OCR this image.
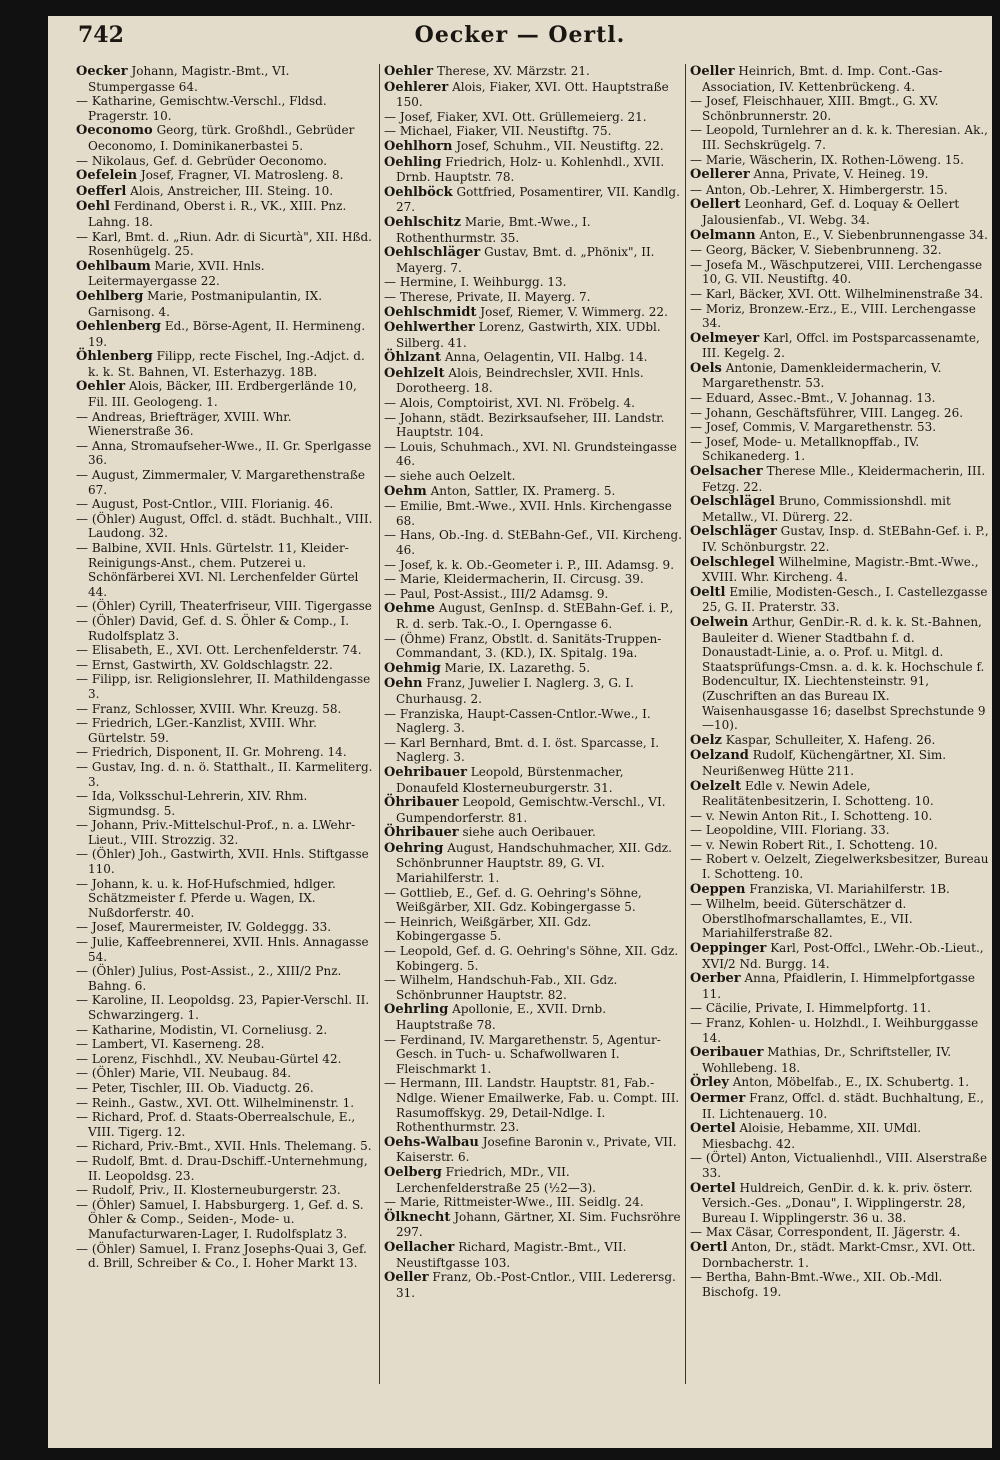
742	Oecker — Oertl.

Oecker Johann, Magistr.-Bmt., VI. Stumpergasse 64.

— Katharine, Gemischtw.-Verschl., Fldsd. Pragerstr. 10.

Oeconomo Georg, türk. Großhdl., Gebrüder Oeconomo, I. Dominikanerbastei 5.

— Nikolaus, Gef. d. Gebrüder Oeconomo.

Oefelein Josef, Fragner, VI. Matrosleng. 8.

Oefferl Alois, Anstreicher, III. Steing. 10.

Oehl Ferdinand, Oberst i. R., VK., XIII. Pnz. Lahng. 18.

— Karl, Bmt. d. „Riun. Adr. di Sicurtà", XII. Hßd. Rosenhügelg. 25.

Oehlbaum Marie, XVII. Hnls. Leitermayergasse 22.

Oehlberg Marie, Postmanipulantin, IX. Garnisong. 4.

Oehlenberg Ed., Börse-Agent, II. Hermineng. 19.

Öhlenberg Filipp, recte Fischel, Ing.-Adjct. d. k. k. St. Bahnen, VI. Esterhazyg. 18B.

Oehler Alois, Bäcker, III. Erdbergerlände 10, Fil. III. Geologeng. 1.

— Andreas, Briefträger, XVIII. Whr. Wienerstraße 36.

— Anna, Stromaufseher-Wwe., II. Gr. Sperlgasse 36.

— August, Zimmermaler, V. Margarethenstraße 67.

— August, Post-Cntlor., VIII. Florianig. 46.

— (Öhler) August, Offcl. d. städt. Buchhalt., VIII. Laudong. 32.

— Balbine, XVII. Hnls. Gürtelstr. 11, Kleider-Reinigungs-Anst., chem. Putzerei u. Schönfärberei XVI. Nl. Lerchenfelder Gürtel 44.

— (Öhler) Cyrill, Theaterfriseur, VIII. Tigergasse

— (Öhler) David, Gef. d. S. Öhler & Comp., I. Rudolfsplatz 3.

— Elisabeth, E., XVI. Ott. Lerchenfelderstr. 74.

— Ernst, Gastwirth, XV. Goldschlagstr. 22.

— Filipp, isr. Religionslehrer, II. Mathildengasse 3.

— Franz, Schlosser, XVIII. Whr. Kreuzg. 58.

— Friedrich, LGer.-Kanzlist, XVIII. Whr. Gürtelstr. 59.

— Friedrich, Disponent, II. Gr. Mohreng. 14.

— Gustav, Ing. d. n. ö. Statthalt., II. Karmeliterg. 3.

— Ida, Volksschul-Lehrerin, XIV. Rhm. Sigmundsg. 5.

— Johann, Priv.-Mittelschul-Prof., n. a. LWehr-Lieut., VIII. Strozzig. 32.

— (Öhler) Joh., Gastwirth, XVII. Hnls. Stiftgasse 110.

— Johann, k. u. k. Hof-Hufschmied, hdlger. Schätzmeister f. Pferde u. Wagen, IX. Nußdorferstr. 40.

— Josef, Maurermeister, IV. Goldeggg. 33.

— Julie, Kaffeebrennerei, XVII. Hnls. Annagasse 54.

— (Öhler) Julius, Post-Assist., 2., XIII/2 Pnz. Bahng. 6.

— Karoline, II. Leopoldsg. 23, Papier-Verschl. II. Schwarzingerg. 1.

— Katharine, Modistin, VI. Corneliusg. 2.

— Lambert, VI. Kaserneng. 28.

— Lorenz, Fischhdl., XV. Neubau-Gürtel 42.

— (Öhler) Marie, VII. Neubaug. 84.

— Peter, Tischler, III. Ob. Viaductg. 26.

— Reinh., Gastw., XVI. Ott. Wilhelminenstr. 1.

— Richard, Prof. d. Staats-Oberrealschule, E., VIII. Tigerg. 12.

— Richard, Priv.-Bmt., XVII. Hnls. Thelemang. 5.

— Rudolf, Bmt. d. Drau-Dschiff.-Unternehmung, II. Leopoldsg. 23.

— Rudolf, Priv., II. Klosterneuburgerstr. 23.

— (Öhler) Samuel, I. Habsburgerg. 1, Gef. d. S. Öhler & Comp., Seiden-, Mode- u. Manufacturwaren-Lager, I. Rudolfsplatz 3.

— (Öhler) Samuel, I. Franz Josephs-Quai 3, Gef. d. Brill, Schreiber & Co., I. Hoher Markt 13.

Oehler Therese, XV. Märzstr. 21.

Oehlerer Alois, Fiaker, XVI. Ott. Hauptstraße 150.

— Josef, Fiaker, XVI. Ott. Grüllemeierg. 21.

— Michael, Fiaker, VII. Neustiftg. 75.

Oehlhorn Josef, Schuhm., VII. Neustiftg. 22.

Oehling Friedrich, Holz- u. Kohlenhdl., XVII. Drnb. Hauptstr. 78.

Oehlböck Gottfried, Posamentirer, VII. Kandlg. 27.

Oehlschitz Marie, Bmt.-Wwe., I. Rothenthurmstr. 35.

Oehlschläger Gustav, Bmt. d. „Phönix", II. Mayerg. 7.

— Hermine, I. Weihburgg. 13.

— Therese, Private, II. Mayerg. 7.

Oehlschmidt Josef, Riemer, V. Wimmerg. 22.

Oehlwerther Lorenz, Gastwirth, XIX. UDbl. Silberg. 41.

Öhlzant Anna, Oelagentin, VII. Halbg. 14.

Oehlzelt Alois, Beindrechsler, XVII. Hnls. Dorotheerg. 18.

— Alois, Comptoirist, XVI. Nl. Fröbelg. 4.

— Johann, städt. Bezirksaufseher, III. Landstr. Hauptstr. 104.

— Louis, Schuhmach., XVI. Nl. Grundsteingasse 46.

— siehe auch Oelzelt.

Oehm Anton, Sattler, IX. Pramerg. 5.

— Emilie, Bmt.-Wwe., XVII. Hnls. Kirchengasse 68.

— Hans, Ob.-Ing. d. StEBahn-Gef., VII. Kircheng. 46.

— Josef, k. k. Ob.-Geometer i. P., III. Adamsg. 9.

— Marie, Kleidermacherin, II. Circusg. 39.

— Paul, Post-Assist., III/2 Adamsg. 9.

Oehme August, GenInsp. d. StEBahn-Gef. i. P., R. d. serb. Tak.-O., I. Operngasse 6.

— (Öhme) Franz, Obstlt. d. Sanitäts-Truppen-Commandant, 3. (KD.), IX. Spitalg. 19a.

Oehmig Marie, IX. Lazarethg. 5.

Oehn Franz, Juwelier I. Naglerg. 3, G. I. Churhausg. 2.

— Franziska, Haupt-Cassen-Cntlor.-Wwe., I. Naglerg. 3.

— Karl Bernhard, Bmt. d. I. öst. Sparcasse, I. Naglerg. 3.

Oehribauer Leopold, Bürstenmacher, Donaufeld Klosterneuburgerstr. 31.

Öhribauer Leopold, Gemischtw.-Verschl., VI. Gumpendorferstr. 81.

Öhribauer siehe auch Oeribauer.

Oehring August, Handschuhmacher, XII. Gdz. Schönbrunner Hauptstr. 89, G. VI. Mariahilferstr. 1.

— Gottlieb, E., Gef. d. G. Oehring's Söhne, Weißgärber, XII. Gdz. Kobingergasse 5.

— Heinrich, Weißgärber, XII. Gdz. Kobingergasse 5.

— Leopold, Gef. d. G. Oehring's Söhne, XII. Gdz. Kobingerg. 5.

— Wilhelm, Handschuh-Fab., XII. Gdz. Schönbrunner Hauptstr. 82.

Oehrling Apollonie, E., XVII. Drnb. Hauptstraße 78.

— Ferdinand, IV. Margarethenstr. 5, Agentur-Gesch. in Tuch- u. Schafwollwaren I. Fleischmarkt 1.

— Hermann, III. Landstr. Hauptstr. 81, Fab.-Ndlge. Wiener Emailwerke, Fab. u. Compt. III. Rasumoffskyg. 29, Detail-Ndlge. I. Rothenthurmstr. 23.

Oehs-Walbau Josefine Baronin v., Private, VII. Kaiserstr. 6.

Oelberg Friedrich, MDr., VII. Lerchenfelderstraße 25 (½2—3).

— Marie, Rittmeister-Wwe., III. Seidlg. 24.

Ölknecht Johann, Gärtner, XI. Sim. Fuchsröhre 297.

Oellacher Richard, Magistr.-Bmt., VII. Neustiftgasse 103.

Oeller Franz, Ob.-Post-Cntlor., VIII. Lederersg. 31.

Oeller Heinrich, Bmt. d. Imp. Cont.-Gas-Association, IV. Kettenbrückeng. 4.

— Josef, Fleischhauer, XIII. Bmgt., G. XV. Schönbrunnerstr. 20.

— Leopold, Turnlehrer an d. k. k. Theresian. Ak., III. Sechskrügelg. 7.

— Marie, Wäscherin, IX. Rothen-Löweng. 15.

Oellerer Anna, Private, V. Heineg. 19.

— Anton, Ob.-Lehrer, X. Himbergerstr. 15.

Oellert Leonhard, Gef. d. Loquay & Oellert Jalousienfab., VI. Webg. 34.

Oelmann Anton, E., V. Siebenbrunnengasse 34.

— Georg, Bäcker, V. Siebenbrunneng. 32.

— Josefa M., Wäschputzerei, VIII. Lerchengasse 10, G. VII. Neustiftg. 40.

— Karl, Bäcker, XVI. Ott. Wilhelminenstraße 34.

— Moriz, Bronzew.-Erz., E., VIII. Lerchengasse 34.

Oelmeyer Karl, Offcl. im Postsparcassenamte, III. Kegelg. 2.

Oels Antonie, Damenkleidermacherin, V. Margarethenstr. 53.

— Eduard, Assec.-Bmt., V. Johannag. 13.

— Johann, Geschäftsführer, VIII. Langeg. 26.

— Josef, Commis, V. Margarethenstr. 53.

— Josef, Mode- u. Metallknopffab., IV. Schikanederg. 1.

Oelsacher Therese Mlle., Kleidermacherin, III. Fetzg. 22.

Oelschlägel Bruno, Commissionshdl. mit Metallw., VI. Dürerg. 22.

Oelschläger Gustav, Insp. d. StEBahn-Gef. i. P., IV. Schönburgstr. 22.

Oelschlegel Wilhelmine, Magistr.-Bmt.-Wwe., XVIII. Whr. Kircheng. 4.

Oeltl Emilie, Modisten-Gesch., I. Castellezgasse 25, G. II. Praterstr. 33.

Oelwein Arthur, GenDir.-R. d. k. k. St.-Bahnen, Bauleiter d. Wiener Stadtbahn f. d. Donaustadt-Linie, a. o. Prof. u. Mitgl. d. Staatsprüfungs-Cmsn. a. d. k. k. Hochschule f. Bodencultur, IX. Liechtensteinstr. 91, (Zuschriften an das Bureau IX. Waisenhausgasse 16; daselbst Sprechstunde 9—10).

Oelz Kaspar, Schulleiter, X. Hafeng. 26.

Oelzand Rudolf, Küchengärtner, XI. Sim. Neurißenweg Hütte 211.

Oelzelt Edle v. Newin Adele, Realitätenbesitzerin, I. Schotteng. 10.

— v. Newin Anton Rit., I. Schotteng. 10.

— Leopoldine, VIII. Floriang. 33.

— v. Newin Robert Rit., I. Schotteng. 10.

— Robert v. Oelzelt, Ziegelwerksbesitzer, Bureau I. Schotteng. 10.

Oeppen Franziska, VI. Mariahilferstr. 1B.

— Wilhelm, beeid. Güterschätzer d. Oberstlhofmarschallamtes, E., VII. Mariahilferstraße 82.

Oeppinger Karl, Post-Offcl., LWehr.-Ob.-Lieut., XVI/2 Nd. Burgg. 14.

Oerber Anna, Pfaidlerin, I. Himmelpfortgasse 11.

— Cäcilie, Private, I. Himmelpfortg. 11.

— Franz, Kohlen- u. Holzhdl., I. Weihburggasse 14.

Oeribauer Mathias, Dr., Schriftsteller, IV. Wohllebeng. 18.

Örley Anton, Möbelfab., E., IX. Schubertg. 1.

Oermer Franz, Offcl. d. städt. Buchhaltung, E., II. Lichtenauerg. 10.

Oertel Aloisie, Hebamme, XII. UMdl. Miesbachg. 42.

— (Örtel) Anton, Victualienhdl., VIII. Alserstraße 33.

Oertel Huldreich, GenDir. d. k. k. priv. österr. Versich.-Ges. „Donau", I. Wipplingerstr. 28, Bureau I. Wipplingerstr. 36 u. 38.

— Max Cäsar, Correspondent, II. Jägerstr. 4.

Oertl Anton, Dr., städt. Markt-Cmsr., XVI. Ott. Dornbacherstr. 1.

— Bertha, Bahn-Bmt.-Wwe., XII. Ob.-Mdl. Bischofg. 19.
